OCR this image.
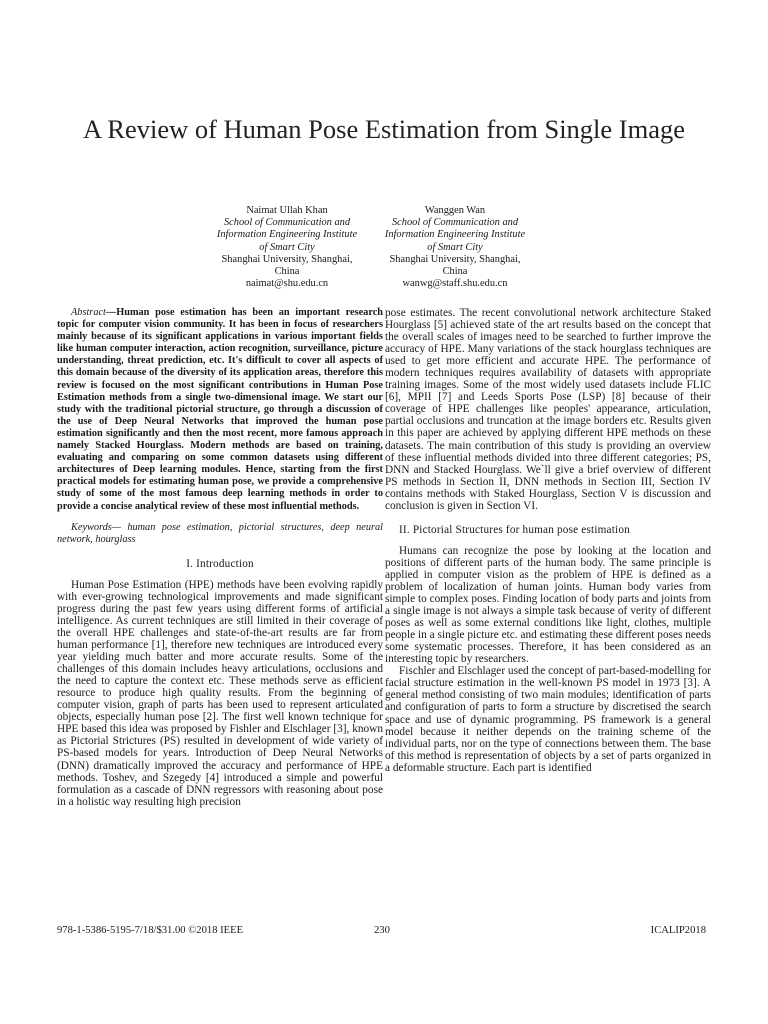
A Review of Human Pose Estimation from Single Image
Naimat Ullah Khan
School of Communication and Information Engineering Institute of Smart City
Shanghai University, Shanghai,
China
naimat@shu.edu.cn
Wanggen Wan
School of Communication and Information Engineering Institute of Smart City
Shanghai University, Shanghai,
China
wanwg@staff.shu.edu.cn

Abstract—Human pose estimation has been an important research topic for computer vision community. It has been in focus of researchers mainly because of its significant applications in various important fields like human computer interaction, action recognition, surveillance, picture understanding, threat prediction, etc. It's difficult to cover all aspects of this domain because of the diversity of its application areas, therefore this review is focused on the most significant contributions in Human Pose Estimation methods from a single two-dimensional image. We start our study with the traditional pictorial structure, go through a discussion of the use of Deep Neural Networks that improved the human pose estimation significantly and then the most recent, more famous approach namely Stacked Hourglass. Modern methods are based on training, evaluating and comparing on some common datasets using different architectures of Deep learning modules. Hence, starting from the first practical models for estimating human pose, we provide a comprehensive study of some of the most famous deep learning methods in order to provide a concise analytical review of these most influential methods.

Keywords— human pose estimation, pictorial structures, deep neural network, hourglass

I. Introduction

Human Pose Estimation (HPE) methods have been evolving rapidly with ever-growing technological improvements and made significant progress during the past few years using different forms of artificial intelligence. As current techniques are still limited in their coverage of the overall HPE challenges and state-of-the-art results are far from human performance [1], therefore new techniques are introduced every year yielding much batter and more accurate results. Some of the challenges of this domain includes heavy articulations, occlusions and the need to capture the context etc. These methods serve as efficient resource to produce high quality results. From the beginning of computer vision, graph of parts has been used to represent articulated objects, especially human pose [2]. The first well known technique for HPE based this idea was proposed by Fishler and Elschlager [3], known as Pictorial Strictures (PS) resulted in development of wide variety of PS-based models for years. Introduction of Deep Neural Networks (DNN) dramatically improved the accuracy and performance of HPE methods. Toshev, and Szegedy [4] introduced a simple and powerful formulation as a cascade of DNN regressors with reasoning about pose in a holistic way resulting high precision

pose estimates. The recent convolutional network architecture Staked Hourglass [5] achieved state of the art results based on the concept that the overall scales of images need to be searched to further improve the accuracy of HPE. Many variations of the stack hourglass techniques are used to get more efficient and accurate HPE. The performance of modern techniques requires availability of datasets with appropriate training images. Some of the most widely used datasets include FLIC [6], MPII [7] and Leeds Sports Pose (LSP) [8] because of their coverage of HPE challenges like peoples' appearance, articulation, partial occlusions and truncation at the image borders etc. Results given in this paper are achieved by applying different HPE methods on these datasets. The main contribution of this study is providing an overview of these influential methods divided into three different categories; PS, DNN and Stacked Hourglass. We`ll give a brief overview of different PS methods in Section II, DNN methods in Section III, Section IV contains methods with Staked Hourglass, Section V is discussion and conclusion is given in Section VI.

II. Pictorial Structures for human pose estimation

Humans can recognize the pose by looking at the location and positions of different parts of the human body. The same principle is applied in computer vision as the problem of HPE is defined as a problem of localization of human joints. Human body varies from simple to complex poses. Finding location of body parts and joints from a single image is not always a simple task because of verity of different poses as well as some external conditions like light, clothes, multiple people in a single picture etc. and estimating these different poses needs some systematic processes. Therefore, it has been considered as an interesting topic by researchers.

Fischler and Elschlager used the concept of part-based-modelling for facial structure estimation in the well-known PS model in 1973 [3]. A general method consisting of two main modules; identification of parts and configuration of parts to form a structure by discretised the search space and use of dynamic programming. PS framework is a general model because it neither depends on the training scheme of the individual parts, nor on the type of connections between them. The base of this method is representation of objects by a set of parts organized in a deformable structure. Each part is identified

978-1-5386-5195-7/18/$31.00 ©2018 IEEE	230	ICALIP2018
